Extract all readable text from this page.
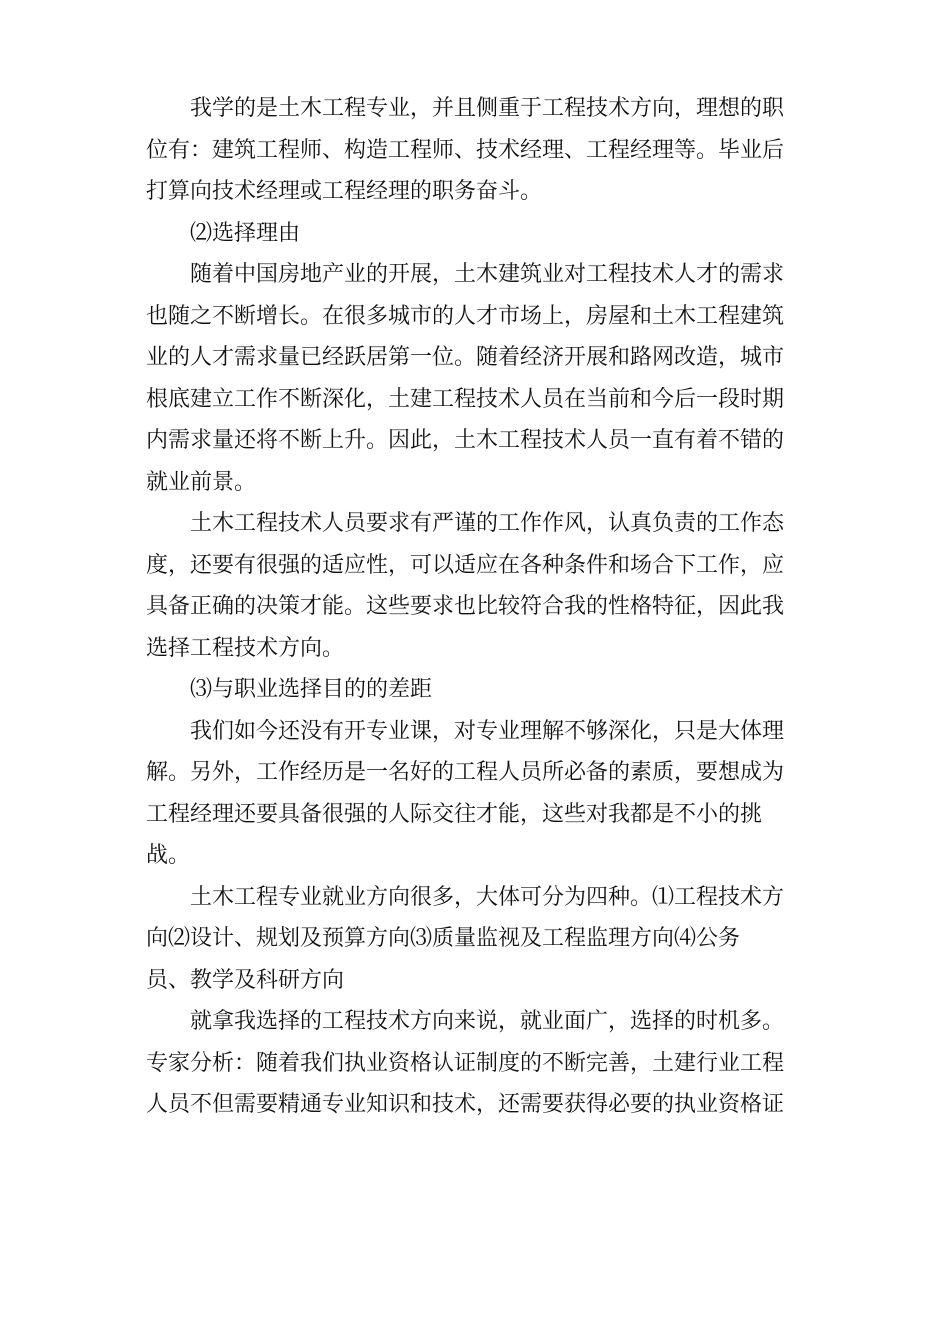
我学的是土木工程专业，并且侧重于工程技术方向，理想的职
位有：建筑工程师、构造工程师、技术经理、工程经理等。毕业后
打算向技术经理或工程经理的职务奋斗。
⑵选择理由
随着中国房地产业的开展，土木建筑业对工程技术人才的需求
也随之不断增长。在很多城市的人才市场上，房屋和土木工程建筑
业的人才需求量已经跃居第一位。随着经济开展和路网改造，城市
根底建立工作不断深化，土建工程技术人员在当前和今后一段时期
内需求量还将不断上升。因此，土木工程技术人员一直有着不错的
就业前景。
土木工程技术人员要求有严谨的工作作风，认真负责的工作态
度，还要有很强的适应性，可以适应在各种条件和场合下工作，应
具备正确的决策才能。这些要求也比较符合我的性格特征，因此我
选择工程技术方向。
⑶与职业选择目的的差距
我们如今还没有开专业课，对专业理解不够深化，只是大体理
解。另外，工作经历是一名好的工程人员所必备的素质，要想成为
工程经理还要具备很强的人际交往才能，这些对我都是不小的挑
战。
土木工程专业就业方向很多，大体可分为四种。⑴工程技术方
向⑵设计、规划及预算方向⑶质量监视及工程监理方向⑷公务
员、教学及科研方向
就拿我选择的工程技术方向来说，就业面广，选择的时机多。
专家分析：随着我们执业资格认证制度的不断完善，土建行业工程
人员不但需要精通专业知识和技术，还需要获得必要的执业资格证
